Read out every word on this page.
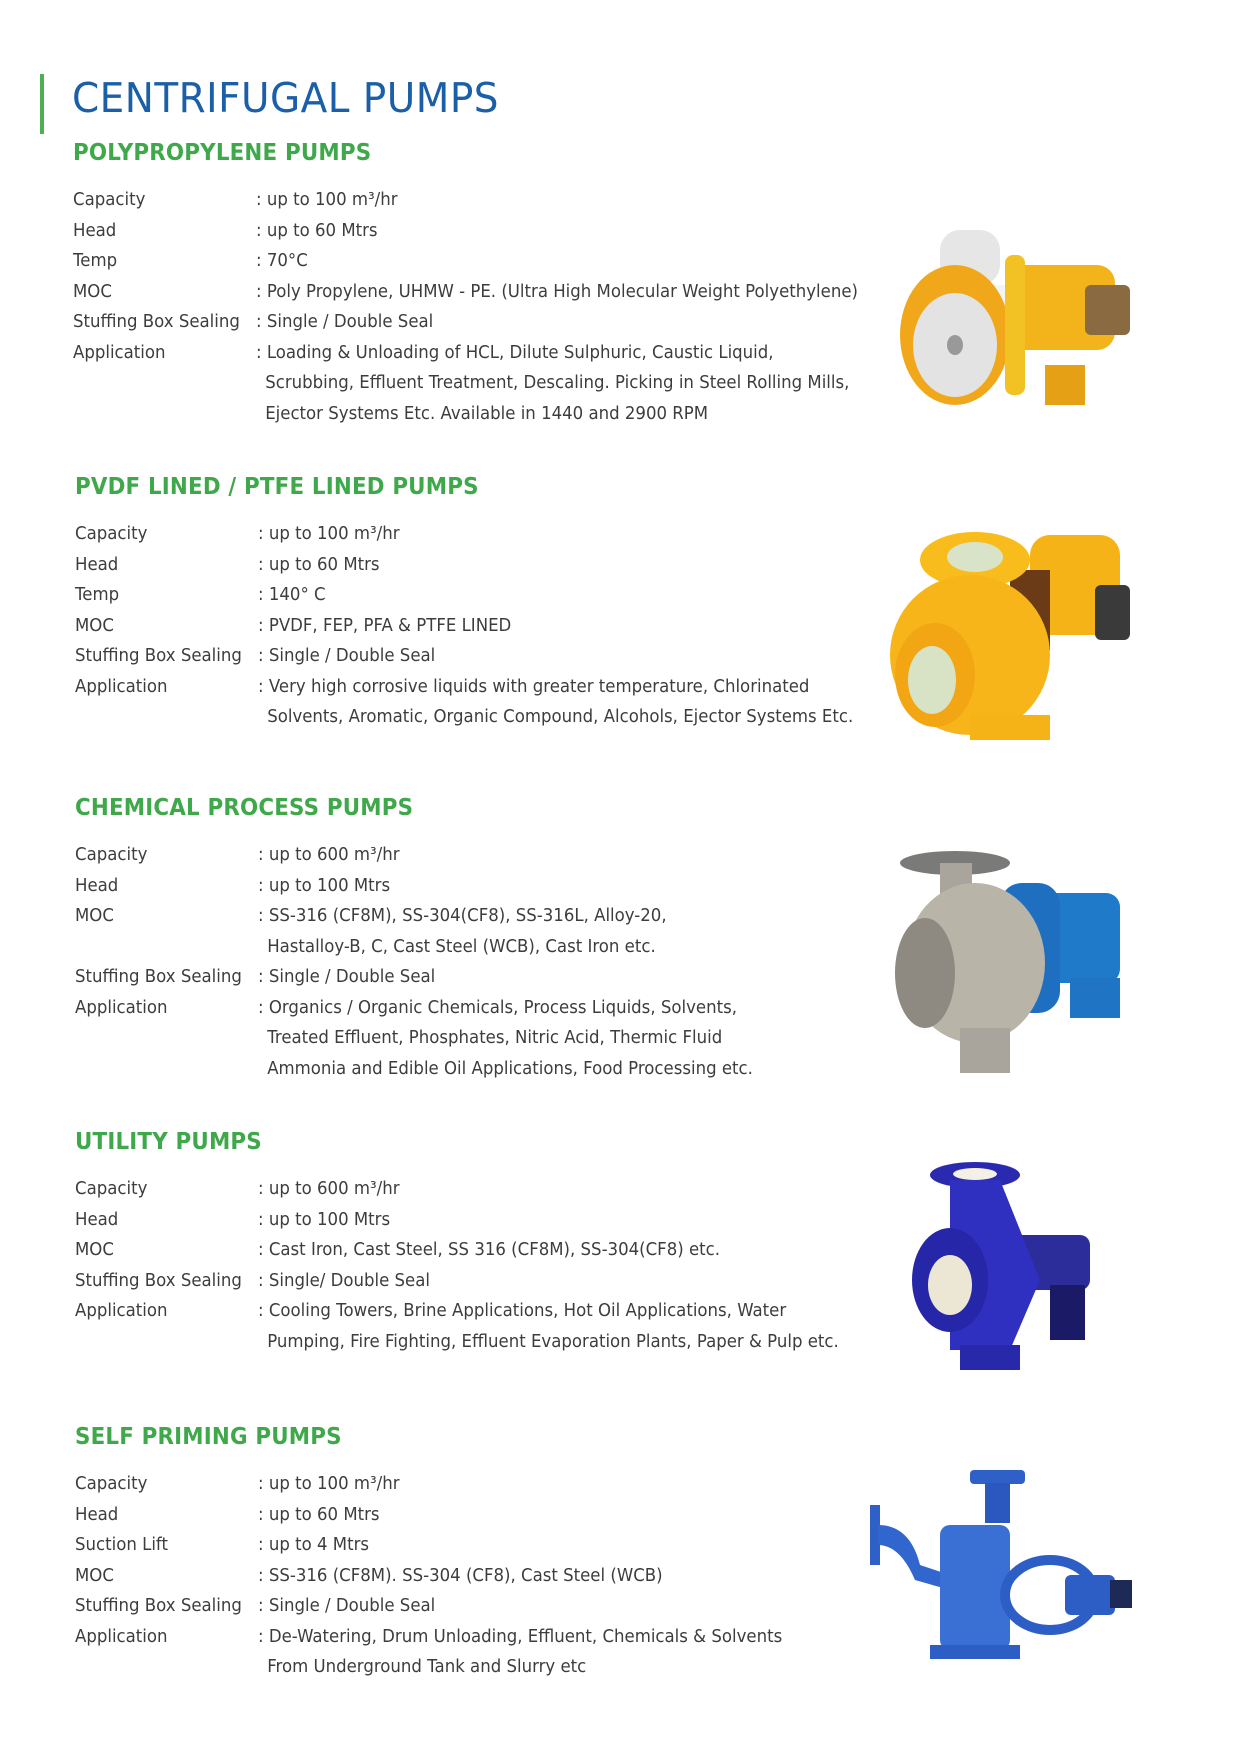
CENTRIFUGAL PUMPS
POLYPROPYLENE PUMPS
Capacity	: up to 100 m³/hr
Head	: up to 60 Mtrs
Temp	: 70°C
MOC	: Poly Propylene, UHMW - PE. (Ultra High Molecular Weight Polyethylene)
Stuffing Box Sealing : Single / Double Seal
Application	: Loading & Unloading of HCL, Dilute Sulphuric, Caustic Liquid,
Scrubbing, Effluent Treatment, Descaling. Picking in Steel Rolling Mills,
Ejector Systems Etc. Available in 1440 and 2900 RPM
PVDF LINED / PTFE LINED PUMPS
Capacity	: up to 100 m³/hr
Head	: up to 60 Mtrs
Temp	: 140° C
MOC	: PVDF, FEP, PFA & PTFE LINED
Stuffing Box Sealing : Single / Double Seal
Application	: Very high corrosive liquids with greater temperature, Chlorinated
Solvents, Aromatic, Organic Compound, Alcohols, Ejector Systems Etc.
CHEMICAL PROCESS PUMPS
Capacity	: up to 600 m³/hr
Head	: up to 100 Mtrs
MOC	: SS-316 (CF8M), SS-304(CF8), SS-316L, Alloy-20,
Hastalloy-B, C, Cast Steel (WCB), Cast Iron etc.
Stuffing Box Sealing : Single / Double Seal
Application	: Organics / Organic Chemicals, Process Liquids, Solvents,
Treated Effluent, Phosphates, Nitric Acid, Thermic Fluid
Ammonia and Edible Oil Applications, Food Processing etc.
UTILITY PUMPS
Capacity	: up to 600 m³/hr
Head	: up to 100 Mtrs
MOC	: Cast Iron, Cast Steel, SS 316 (CF8M), SS-304(CF8) etc.
Stuffing Box Sealing : Single/ Double Seal
Application	: Cooling Towers, Brine Applications, Hot Oil Applications, Water
Pumping, Fire Fighting, Effluent Evaporation Plants, Paper & Pulp etc.
SELF PRIMING PUMPS
Capacity	: up to 100 m³/hr
Head	: up to 60 Mtrs
Suction Lift	: up to 4 Mtrs
MOC	: SS-316 (CF8M). SS-304 (CF8), Cast Steel (WCB)
Stuffing Box Sealing : Single / Double Seal
Application	: De-Watering, Drum Unloading, Effluent, Chemicals & Solvents
From Underground Tank and Slurry etc
